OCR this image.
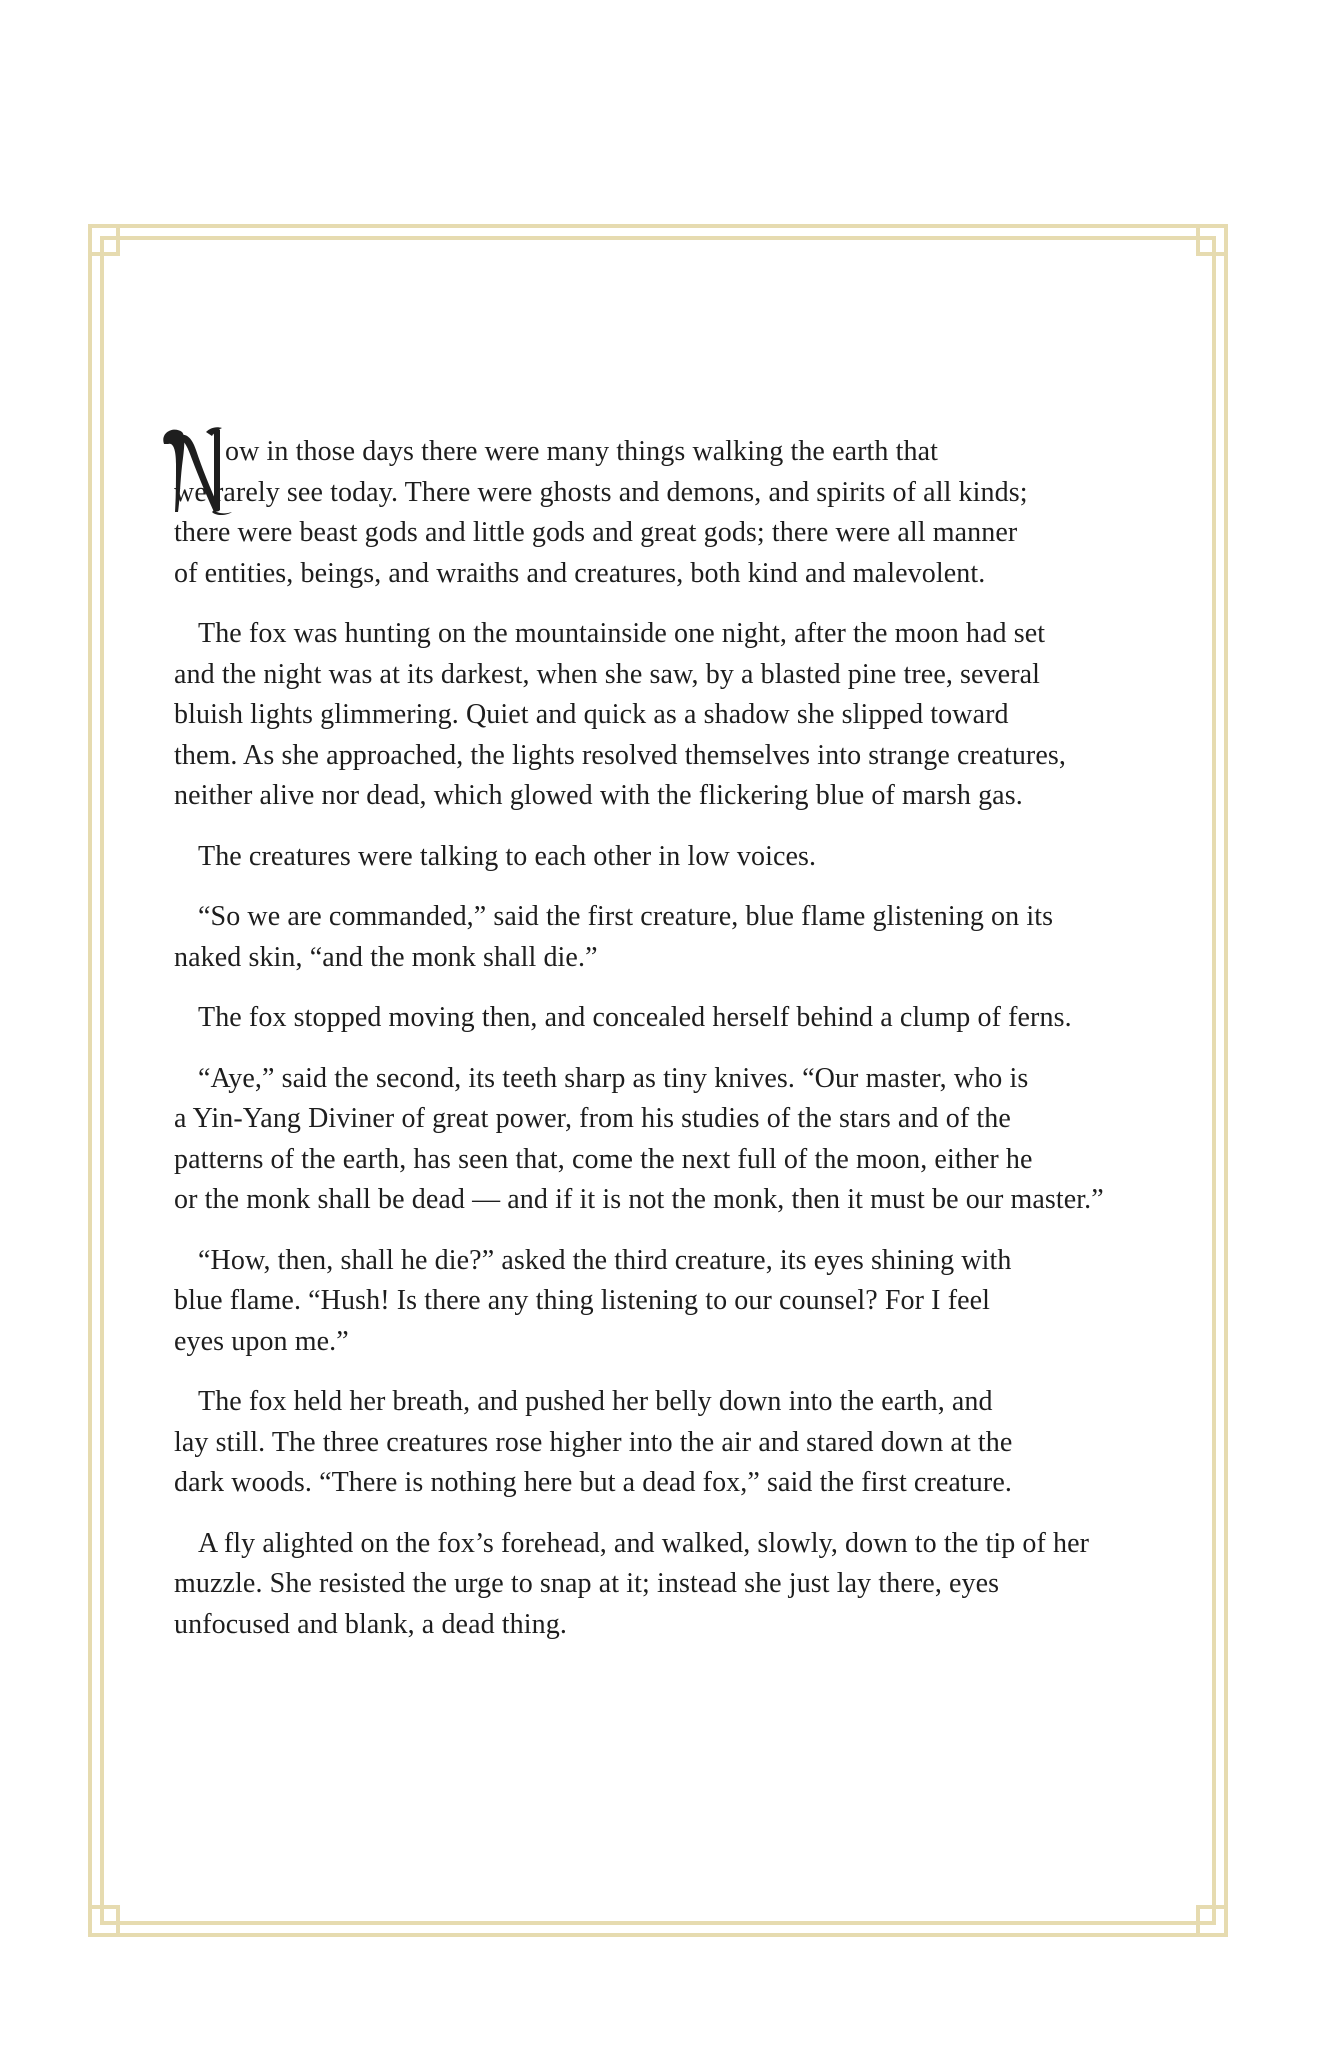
ow in those days there were many things walking the earth that
we rarely see today. There were ghosts and demons, and spirits of all kinds;
there were beast gods and little gods and great gods; there were all manner
of entities, beings, and wraiths and creatures, both kind and malevolent.

The fox was hunting on the mountainside one night, after the moon had set
and the night was at its darkest, when she saw, by a blasted pine tree, several
bluish lights glimmering. Quiet and quick as a shadow she slipped toward
them. As she approached, the lights resolved themselves into strange creatures,
neither alive nor dead, which glowed with the flickering blue of marsh gas.

The creatures were talking to each other in low voices.

“So we are commanded,” said the first creature, blue flame glistening on its
naked skin, “and the monk shall die.”

The fox stopped moving then, and concealed herself behind a clump of ferns.

“Aye,” said the second, its teeth sharp as tiny knives. “Our master, who is
a Yin-Yang Diviner of great power, from his studies of the stars and of the
patterns of the earth, has seen that, come the next full of the moon, either he
or the monk shall be dead — and if it is not the monk, then it must be our master.”

“How, then, shall he die?” asked the third creature, its eyes shining with
blue flame. “Hush! Is there any thing listening to our counsel? For I feel
eyes upon me.”

The fox held her breath, and pushed her belly down into the earth, and
lay still. The three creatures rose higher into the air and stared down at the
dark woods. “There is nothing here but a dead fox,” said the first creature.

A fly alighted on the fox’s forehead, and walked, slowly, down to the tip of her
muzzle. She resisted the urge to snap at it; instead she just lay there, eyes
unfocused and blank, a dead thing.
